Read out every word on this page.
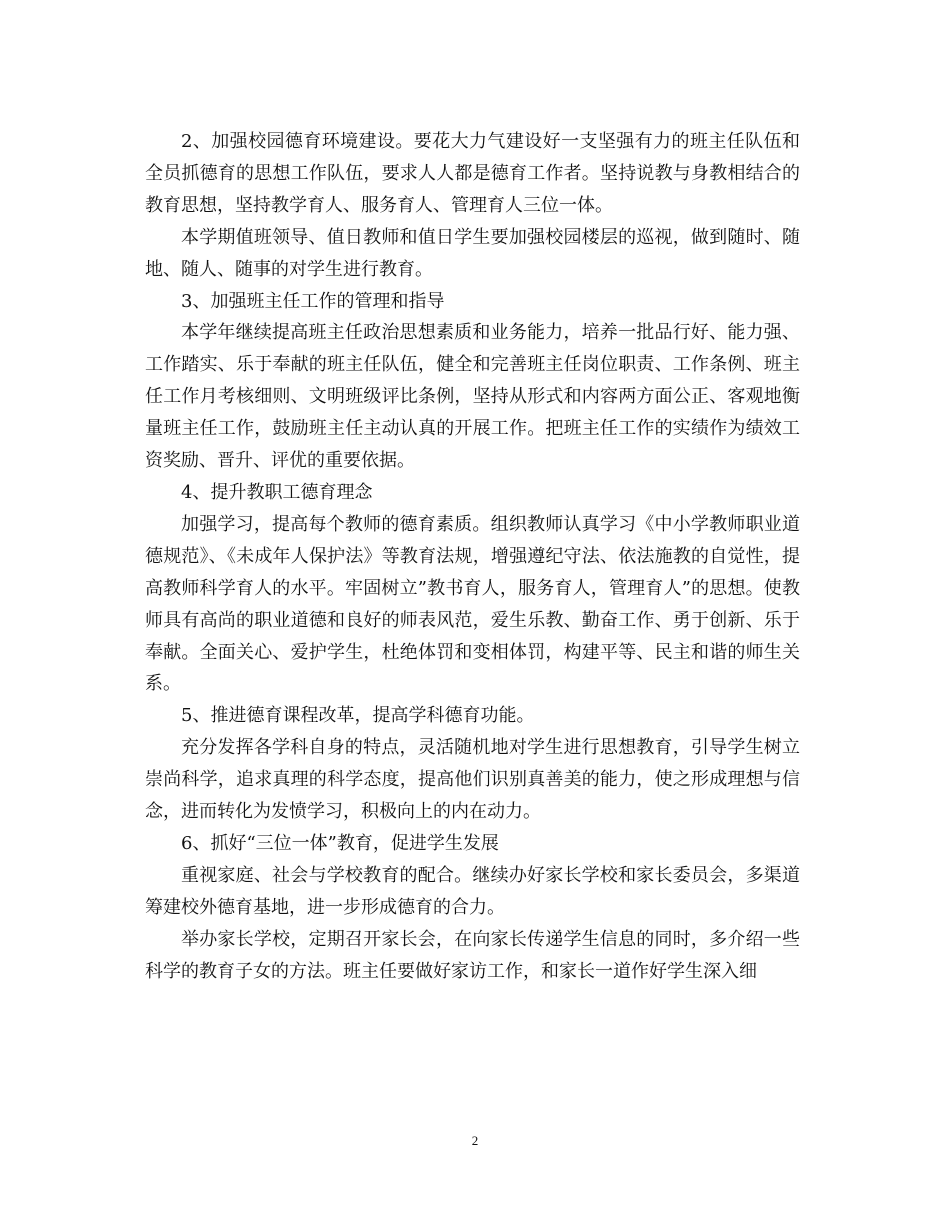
2、加强校园德育环境建设。要花大力气建设好一支坚强有力的班主任队伍和全员抓德育的思想工作队伍，要求人人都是德育工作者。坚持说教与身教相结合的教育思想，坚持教学育人、服务育人、管理育人三位一体。

本学期值班领导、值日教师和值日学生要加强校园楼层的巡视，做到随时、随地、随人、随事的对学生进行教育。

3、加强班主任工作的管理和指导

本学年继续提高班主任政治思想素质和业务能力，培养一批品行好、能力强、工作踏实、乐于奉献的班主任队伍，健全和完善班主任岗位职责、工作条例、班主任工作月考核细则、文明班级评比条例，坚持从形式和内容两方面公正、客观地衡量班主任工作，鼓励班主任主动认真的开展工作。把班主任工作的实绩作为绩效工资奖励、晋升、评优的重要依据。

4、提升教职工德育理念

加强学习，提高每个教师的德育素质。组织教师认真学习《中小学教师职业道德规范》、《未成年人保护法》等教育法规，增强遵纪守法、依法施教的自觉性，提高教师科学育人的水平。牢固树立”教书育人，服务育人，管理育人”的思想。使教师具有高尚的职业道德和良好的师表风范，爱生乐教、勤奋工作、勇于创新、乐于奉献。全面关心、爱护学生，杜绝体罚和变相体罚，构建平等、民主和谐的师生关系。

5、推进德育课程改革，提高学科德育功能。

充分发挥各学科自身的特点，灵活随机地对学生进行思想教育，引导学生树立崇尚科学，追求真理的科学态度，提高他们识别真善美的能力，使之形成理想与信念，进而转化为发愤学习，积极向上的内在动力。

6、抓好“三位一体”教育，促进学生发展

重视家庭、社会与学校教育的配合。继续办好家长学校和家长委员会，多渠道筹建校外德育基地，进一步形成德育的合力。

举办家长学校，定期召开家长会，在向家长传递学生信息的同时，多介绍一些科学的教育子女的方法。班主任要做好家访工作，和家长一道作好学生深入细

2
